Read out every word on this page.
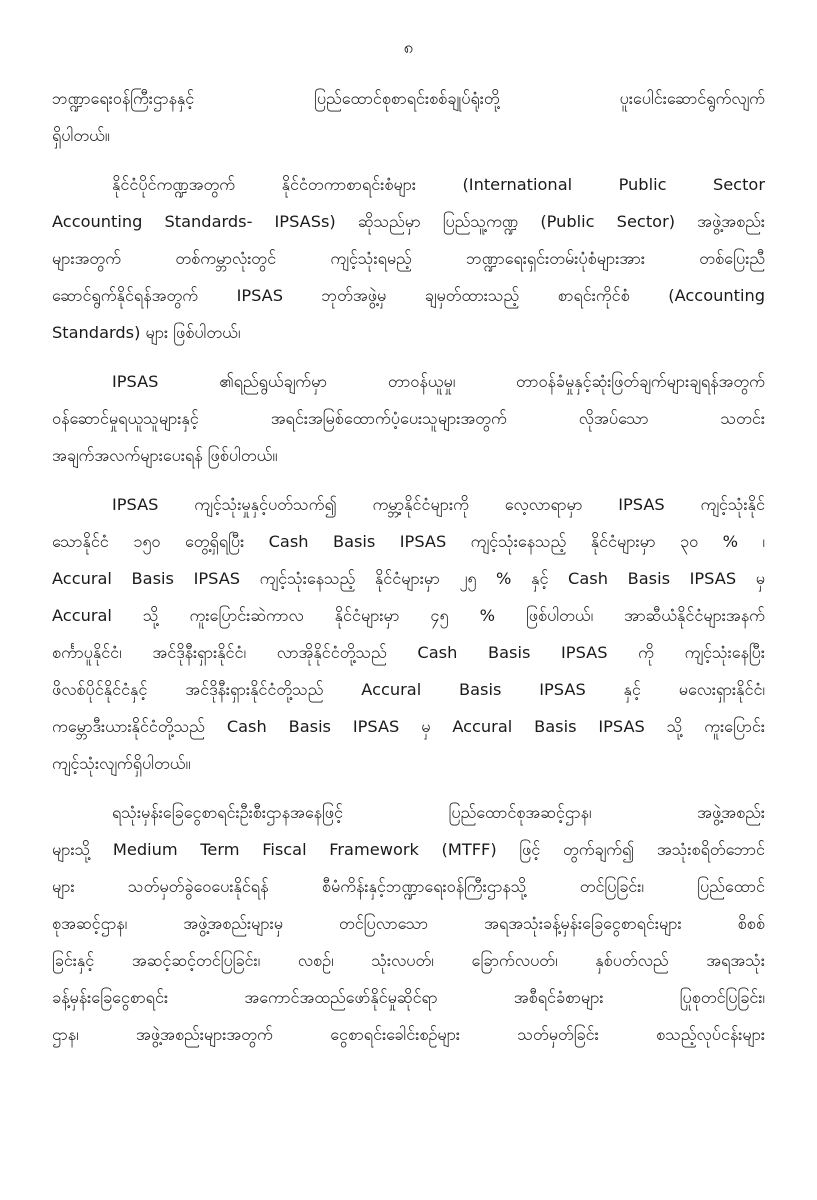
၈
ဘဏ္ဍာရေးဝန်ကြီးဌာနနှင့် ပြည်ထောင်စုစာရင်းစစ်ချုပ်ရုံးတို့ ပူးပေါင်းဆောင်ရွက်လျက်
ရှိပါတယ်။
နိုင်ငံပိုင်ကဏ္ဍအတွက် နိုင်ငံတကာစာရင်းစံများ (International Public Sector
Accounting Standards- IPSASs) ဆိုသည်မှာ ပြည်သူ့ကဏ္ဍ (Public Sector) အဖွဲ့အစည်း
များအတွက် တစ်ကမ္ဘာလုံးတွင် ကျင့်သုံးရမည့် ဘဏ္ဍာရေးရှင်းတမ်းပုံစံများအား တစ်ပြေးညီ
ဆောင်ရွက်နိုင်ရန်အတွက် IPSAS ဘုတ်အဖွဲ့မှ ချမှတ်ထားသည့် စာရင်းကိုင်စံ (Accounting
Standards) များ ဖြစ်ပါတယ်၊
IPSAS ၏ရည်ရွယ်ချက်မှာ တာဝန်ယူမှု၊ တာဝန်ခံမှုနှင့်ဆုံးဖြတ်ချက်များချရန်အတွက်
ဝန်ဆောင်မှုရယူသူများနှင့် အရင်းအမြစ်ထောက်ပံ့ပေးသူများအတွက် လိုအပ်သော သတင်း
အချက်အလက်များပေးရန် ဖြစ်ပါတယ်။
IPSAS ကျင့်သုံးမှုနှင့်ပတ်သက်၍ ကမ္ဘာ့နိုင်ငံများကို လေ့လာရာမှာ IPSAS ကျင့်သုံးနိုင်
သောနိုင်ငံ ၁၅၀ တွေ့ရှိရပြီး Cash Basis IPSAS ကျင့်သုံးနေသည့် နိုင်ငံများမှာ ၃၀ % ၊
Accural Basis IPSAS ကျင့်သုံးနေသည့် နိုင်ငံများမှာ ၂၅ % နှင့် Cash Basis IPSAS မှ
Accural သို့ ကူးပြောင်းဆဲကာလ နိုင်ငံများမှာ ၄၅ % ဖြစ်ပါတယ်၊ အာဆီယံနိုင်ငံများအနက်
စင်္ကာပူနိုင်ငံ၊ အင်ဒိုနီးရှားနိုင်ငံ၊ လာအိုနိုင်ငံတို့သည် Cash Basis IPSAS ကို ကျင့်သုံးနေပြီး
ဖိလစ်ပိုင်နိုင်ငံနှင့် အင်ဒိုနီးရှားနိုင်ငံတို့သည် Accural Basis IPSAS နှင့် မလေးရှားနိုင်ငံ၊
ကမ္ဘောဒီးယားနိုင်ငံတို့သည် Cash Basis IPSAS မှ Accural Basis IPSAS သို့ ကူးပြောင်း
ကျင့်သုံးလျက်ရှိပါတယ်။
ရသုံးမှန်းခြေငွေစာရင်းဦးစီးဌာနအနေဖြင့် ပြည်ထောင်စုအဆင့်ဌာန၊ အဖွဲ့အစည်း
များသို့ Medium Term Fiscal Framework (MTFF) ဖြင့် တွက်ချက်၍ အသုံးစရိတ်ဘောင်
များ သတ်မှတ်ခွဲဝေပေးနိုင်ရန် စီမံကိန်းနှင့်ဘဏ္ဍာရေးဝန်ကြီးဌာနသို့ တင်ပြခြင်း၊ ပြည်ထောင်
စုအဆင့်ဌာန၊ အဖွဲ့အစည်းများမှ တင်ပြလာသော အရအသုံးခန့်မှန်းခြေငွေစာရင်းများ စိစစ်
ခြင်းနှင့် အဆင့်ဆင့်တင်ပြခြင်း၊ လစဉ်၊ သုံးလပတ်၊ ခြောက်လပတ်၊ နှစ်ပတ်လည် အရအသုံး
ခန့်မှန်းခြေငွေစာရင်း အကောင်အထည်ဖော်နိုင်မှုဆိုင်ရာ အစီရင်ခံစာများ ပြုစုတင်ပြခြင်း၊
ဌာန၊ အဖွဲ့အစည်းများအတွက် ငွေစာရင်းခေါင်းစဉ်များ သတ်မှတ်ခြင်း စသည့်လုပ်ငန်းများ
